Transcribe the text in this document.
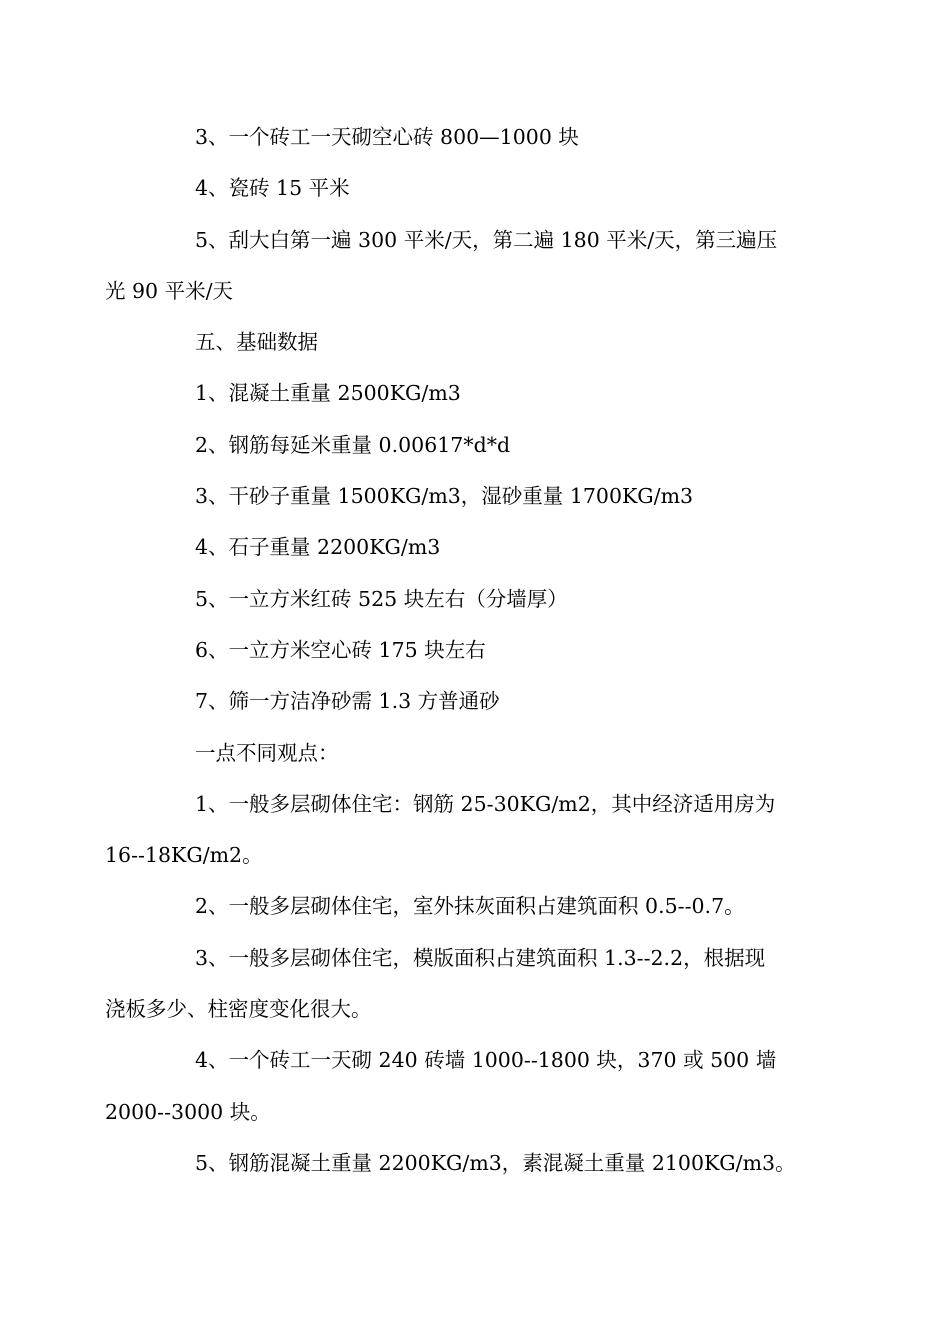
3、一个砖工一天砌空心砖 800—1000 块

4、瓷砖 15 平米

5、刮大白第一遍 300 平米/天，第二遍 180 平米/天，第三遍压
光 90 平米/天

五、基础数据

1、混凝土重量 2500KG/m3

2、钢筋每延米重量 0.00617*d*d

3、干砂子重量 1500KG/m3，湿砂重量 1700KG/m3

4、石子重量 2200KG/m3

5、一立方米红砖 525 块左右（分墙厚）

6、一立方米空心砖 175 块左右

7、筛一方洁净砂需 1.3 方普通砂

一点不同观点：

1、一般多层砌体住宅：钢筋 25-30KG/m2，其中经济适用房为
16--18KG/m2。

2、一般多层砌体住宅，室外抹灰面积占建筑面积 0.5--0.7。

3、一般多层砌体住宅，模版面积占建筑面积 1.3--2.2，根据现
浇板多少、柱密度变化很大。

4、一个砖工一天砌 240 砖墙 1000--1800 块，370 或 500 墙
2000--3000 块。

5、钢筋混凝土重量 2200KG/m3，素混凝土重量 2100KG/m3。
